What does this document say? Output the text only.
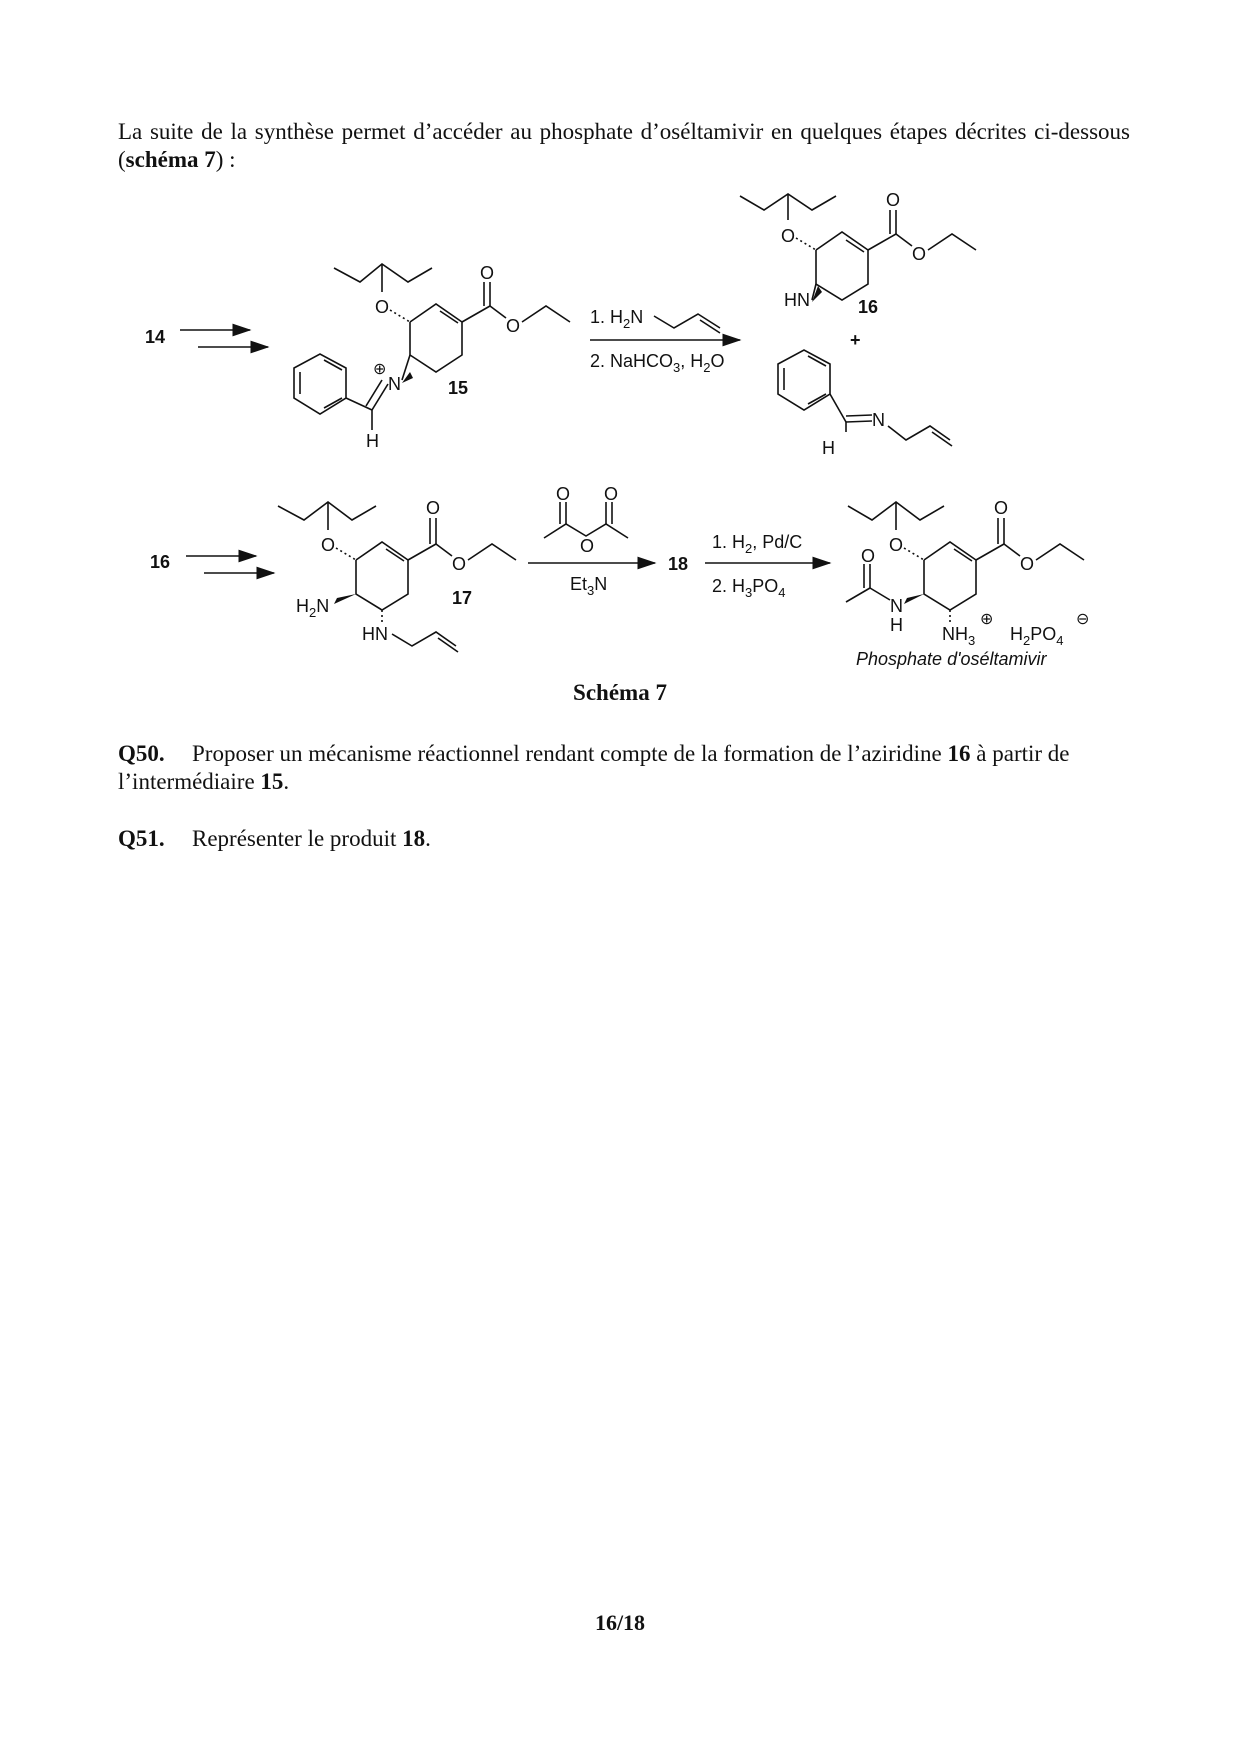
La suite de la synthèse permet d’accéder au phosphate d’oséltamivir en quelques étapes décrites ci-dessous (schéma 7) :
14
O
O
O
N
⊕
H
15
1. $H_2N$
2. NaHCO$_3$, $H_2O$
O
O
O
HN	16
+
H
N
16
O
O
O
$H_2N$
HN
17
O O
O
$Et_3N$
18
1. $H_2$, Pd/C
2. $H_3PO_4$
O
O
O
N
H
O
$NH_3$
⊕
$H_2PO_4$
⊖
Phosphate d'oséltamivir
Schéma 7
Q50. Proposer un mécanisme réactionnel rendant compte de la formation de l’aziridine 16 à partir de l’intermédiaire 15.
Q51. Représenter le produit 18.
16/18
